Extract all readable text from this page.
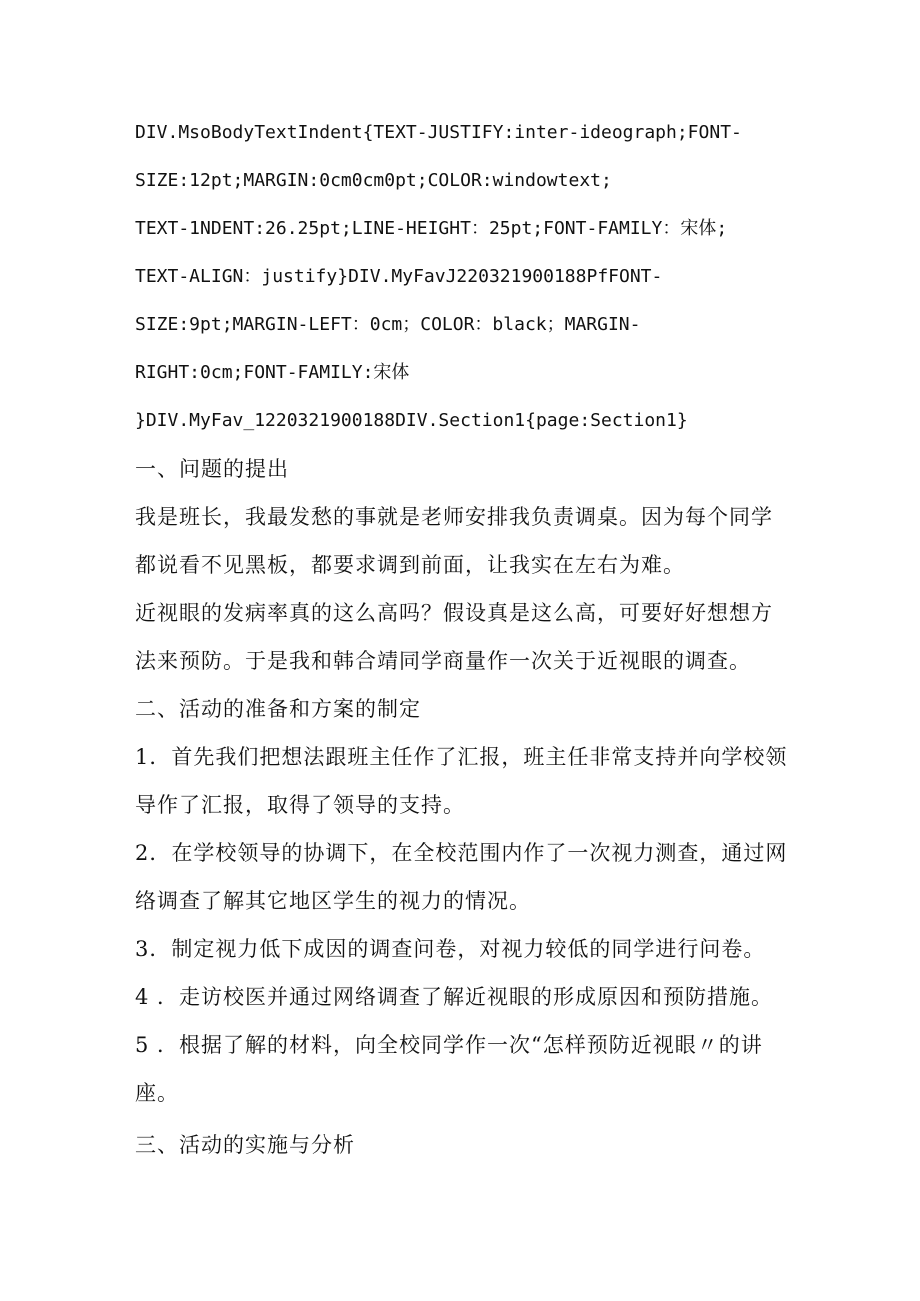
DIV.MsoBodyTextIndent{TEXT-JUSTIFY:inter-ideograph;FONT-
SIZE:12pt;MARGIN:0cm0cm0pt;COLOR:windowtext;
TEXT-1NDENT:26.25pt;LINE-HEIGHT：25pt;FONT-FAMILY：宋体;
TEXT-ALIGN：justify}DIV.MyFavJ220321900188PfFONT-
SIZE:9pt;MARGIN-LEFT：0cm；COLOR：black；MARGIN-
RIGHT:0cm;FONT-FAMILY:宋体
}DIV.MyFav_1220321900188DIV.Section1{page:Section1}
一、问题的提出
我是班长，我最发愁的事就是老师安排我负责调桌。因为每个同学
都说看不见黑板，都要求调到前面，让我实在左右为难。
近视眼的发病率真的这么高吗？假设真是这么高，可要好好想想方
法来预防。于是我和韩合靖同学商量作一次关于近视眼的调查。
二、活动的准备和方案的制定
1．首先我们把想法跟班主任作了汇报，班主任非常支持并向学校领
导作了汇报，取得了领导的支持。
2．在学校领导的协调下，在全校范围内作了一次视力测查，通过网
络调查了解其它地区学生的视力的情况。
3．制定视力低下成因的调查问卷，对视力较低的同学进行问卷。
4 ．走访校医并通过网络调查了解近视眼的形成原因和预防措施。
5 ．根据了解的材料，向全校同学作一次“怎样预防近视眼〃的讲
座。
三、活动的实施与分析
